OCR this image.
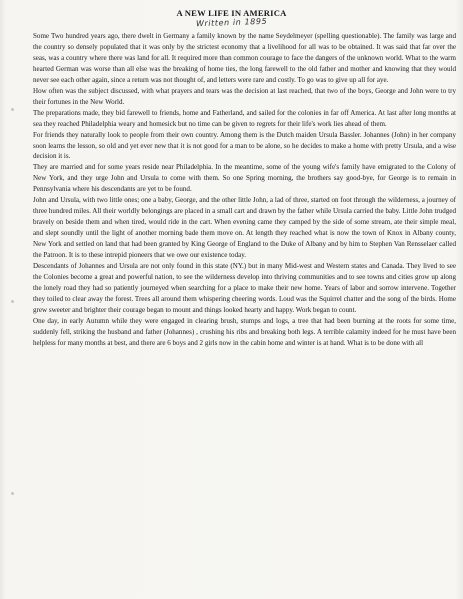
A NEW LIFE IN AMERICA
Written in 1895

Some Two hundred years ago, there dwelt in Germany a family known by the name Seydelmeyer (spelling questionable). The family was large and the country so densely populated that it was only by the strictest economy that a livelihood for all was to be obtained. It was said that far over the seas, was a country where there was land for all. It required more than common courage to face the dangers of the unknown world. What to the warm hearted German was worse than all else was the breaking of home ties, the long farewell to the old father and mother and knowing that they would never see each other again, since a return was not thought of, and letters were rare and costly. To go was to give up all for aye.

How often was the subject discussed, with what prayers and tears was the decision at last reached, that two of the boys, George and John were to try their fortunes in the New World.

The preparations made, they bid farewell to friends, home and Fatherland, and sailed for the colonies in far off America. At last after long months at sea they reached Philadelphia weary and homesick but no time can be given to regrets for their life's work lies ahead of them.

For friends they naturally look to people from their own country. Among them is the Dutch maiden Ursula Bassler. Johannes (John) in her company soon learns the lesson, so old and yet ever new that it is not good for a man to be alone, so he decides to make a home with pretty Ursula, and a wise decision it is.

They are married and for some years reside near Philadelphia. In the meantime, some of the young wife's family have emigrated to the Colony of New York, and they urge John and Ursula to come with them. So one Spring morning, the brothers say good-bye, for George is to remain in Pennsylvania where his descendants are yet to be found.

John and Ursula, with two little ones; one a baby, George, and the other little John, a lad of three, started on foot through the wilderness, a journey of three hundred miles. All their worldly belongings are placed in a small cart and drawn by the father while Ursula carried the baby. Little John trudged bravely on beside them and when tired, would ride in the cart. When evening came they camped by the side of some stream, ate their simple meal, and slept soundly until the light of another morning bade them move on. At length they reached what is now the town of Knox in Albany county, New York and settled on land that had been granted by King George of England to the Duke of Albany and by him to Stephen Van Rensselaer called the Patroon. It is to these intrepid pioneers that we owe our existence today.

Descendants of Johannes and Ursula are not only found in this state (NY.) but in many Mid-west and Western states and Canada. They lived to see the Colonies become a great and powerful nation, to see the wilderness develop into thriving communities and to see towns and cities grow up along the lonely road they had so patiently journeyed when searching for a place to make their new home. Years of labor and sorrow intervene. Together they toiled to clear away the forest. Trees all around them whispering cheering words. Loud was the Squirrel chatter and the song of the birds. Home grew sweeter and brighter their courage began to mount and things looked hearty and happy. Work began to count.

One day, in early Autumn while they were engaged in clearing brush, stumps and logs, a tree that had been burning at the roots for some time, suddenly fell, striking the husband and father (Johannes) , crushing his ribs and breaking both legs. A terrible calamity indeed for he must have been helpless for many months at best, and there are 6 boys and 2 girls now in the cabin home and winter is at hand. What is to be done with all
